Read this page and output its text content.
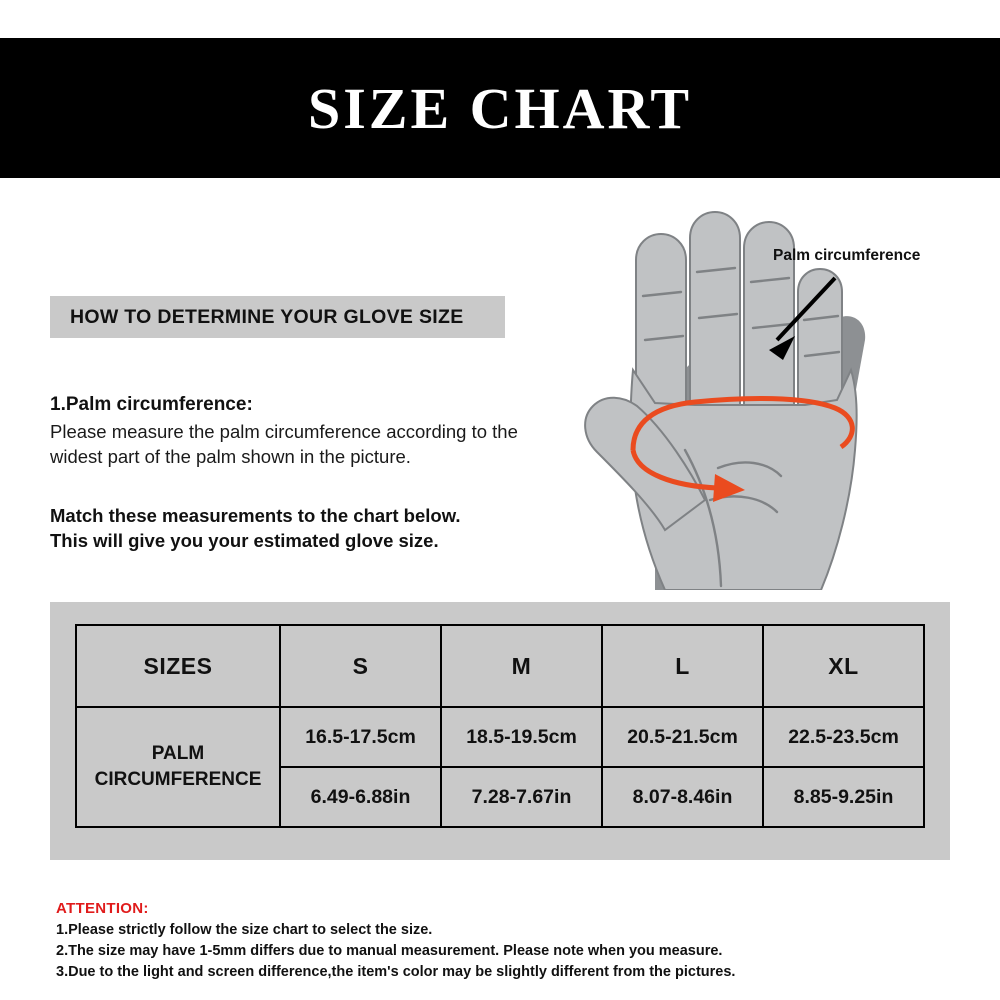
SIZE CHART
HOW TO DETERMINE YOUR GLOVE SIZE
1.Palm circumference:
Please measure the palm circumference according to the widest part of the palm shown in the picture.
Match these measurements to the chart below.
This will give you your estimated glove size.
Palm circumference
SIZES	S	M	L	XL

PALM
CIRCUMFERENCE	16.5-17.5cm	18.5-19.5cm	20.5-21.5cm	22.5-23.5cm
	6.49-6.88in	7.28-7.67in	8.07-8.46in	8.85-9.25in
ATTENTION:
1.Please strictly follow the size chart to select the size.
2.The size may have 1-5mm differs due to manual measurement. Please note when you measure.
3.Due to the light and screen difference,the item's color may be slightly different from the pictures.
